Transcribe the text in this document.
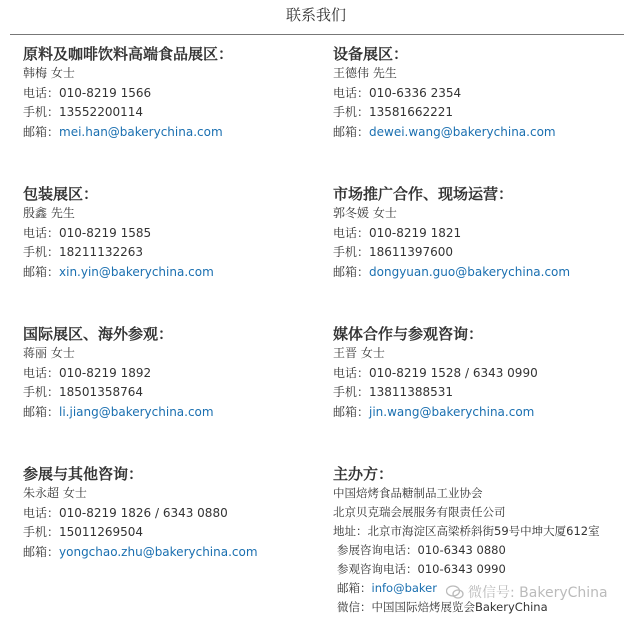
联系我们
原料及咖啡饮料高端食品展区：
韩梅 女士
电话：010-8219 1566
手机：13552200114
邮箱：mei.han@bakerychina.com
设备展区：
王德伟 先生
电话：010-6336 2354
手机：13581662221
邮箱：dewei.wang@bakerychina.com
包装展区：
殷鑫 先生
电话：010-8219 1585
手机：18211132263
邮箱：xin.yin@bakerychina.com
市场推广合作、现场运营：
郭冬媛 女士
电话：010-8219 1821
手机：18611397600
邮箱：dongyuan.guo@bakerychina.com
国际展区、海外参观：
蒋丽 女士
电话：010-8219 1892
手机：18501358764
邮箱：li.jiang@bakerychina.com
媒体合作与参观咨询：
王晋 女士
电话：010-8219 1528 / 6343 0990
手机：13811388531
邮箱：jin.wang@bakerychina.com
参展与其他咨询：
朱永超 女士
电话：010-8219 1826 / 6343 0880
手机：15011269504
邮箱：yongchao.zhu@bakerychina.com
主办方：
中国焙烤食品糖制品工业协会
北京贝克瑞会展服务有限责任公司
地址：北京市海淀区高梁桥斜街59号中坤大厦612室
参展咨询电话：010-6343 0880
参观咨询电话：010-6343 0990
邮箱：info@baker
微信：中国国际焙烤展览会BakeryChina
微信号: BakeryChina
